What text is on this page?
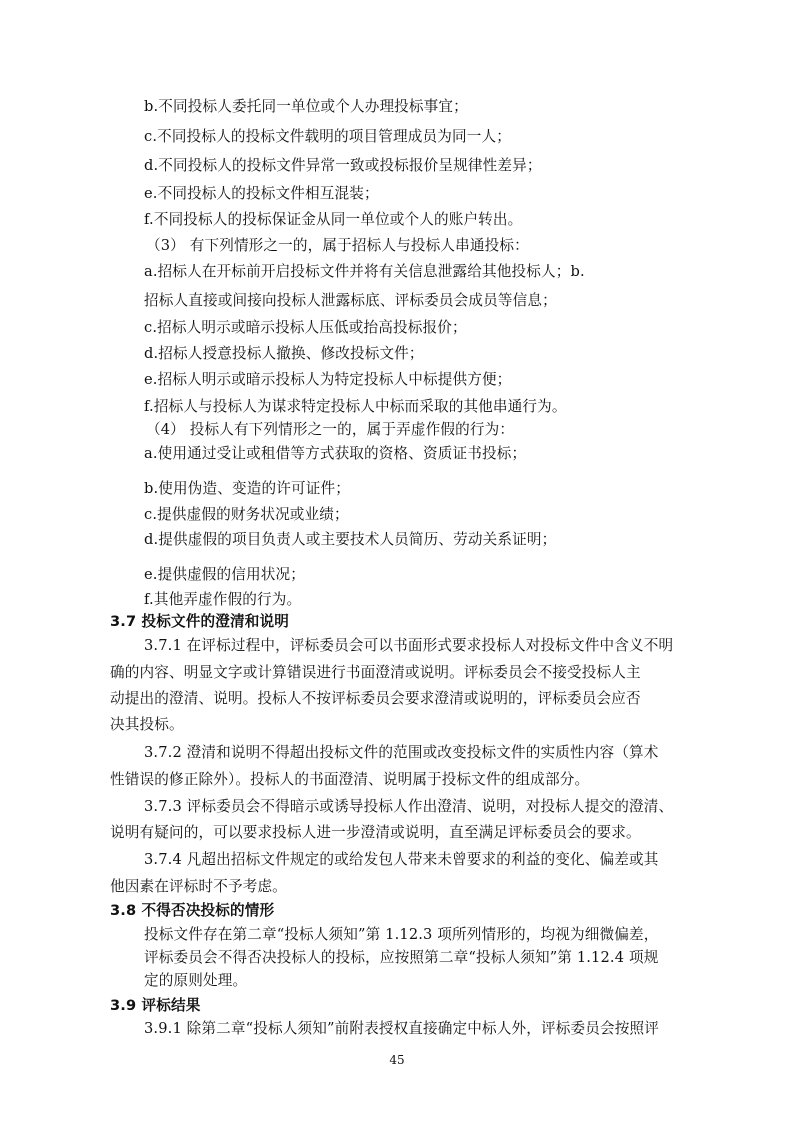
b.不同投标人委托同一单位或个人办理投标事宜；
c.不同投标人的投标文件载明的项目管理成员为同一人；
d.不同投标人的投标文件异常一致或投标报价呈规律性差异；
e.不同投标人的投标文件相互混装；
f.不同投标人的投标保证金从同一单位或个人的账户转出。
（3） 有下列情形之一的，属于招标人与投标人串通投标：
a.招标人在开标前开启投标文件并将有关信息泄露给其他投标人；b.
招标人直接或间接向投标人泄露标底、评标委员会成员等信息；
c.招标人明示或暗示投标人压低或抬高投标报价；
d.招标人授意投标人撤换、修改投标文件；
e.招标人明示或暗示投标人为特定投标人中标提供方便；
f.招标人与投标人为谋求特定投标人中标而采取的其他串通行为。
（4） 投标人有下列情形之一的，属于弄虚作假的行为：
a.使用通过受让或租借等方式获取的资格、资质证书投标；
b.使用伪造、变造的许可证件；
c.提供虚假的财务状况或业绩；
d.提供虚假的项目负责人或主要技术人员简历、劳动关系证明；
e.提供虚假的信用状况；
f.其他弄虚作假的行为。
3.7 投标文件的澄清和说明
3.7.1 在评标过程中，评标委员会可以书面形式要求投标人对投标文件中含义不明
确的内容、明显文字或计算错误进行书面澄清或说明。评标委员会不接受投标人主
动提出的澄清、说明。投标人不按评标委员会要求澄清或说明的，评标委员会应否
决其投标。
3.7.2 澄清和说明不得超出投标文件的范围或改变投标文件的实质性内容（算术
性错误的修正除外）。投标人的书面澄清、说明属于投标文件的组成部分。
3.7.3 评标委员会不得暗示或诱导投标人作出澄清、说明，对投标人提交的澄清、
说明有疑问的，可以要求投标人进一步澄清或说明，直至满足评标委员会的要求。
3.7.4 凡超出招标文件规定的或给发包人带来未曾要求的利益的变化、偏差或其
他因素在评标时不予考虑。
3.8 不得否决投标的情形
投标文件存在第二章“投标人须知”第 1.12.3 项所列情形的，均视为细微偏差，
评标委员会不得否决投标人的投标，应按照第二章“投标人须知”第 1.12.4 项规
定的原则处理。
3.9 评标结果
3.9.1 除第二章“投标人须知”前附表授权直接确定中标人外，评标委员会按照评
45
